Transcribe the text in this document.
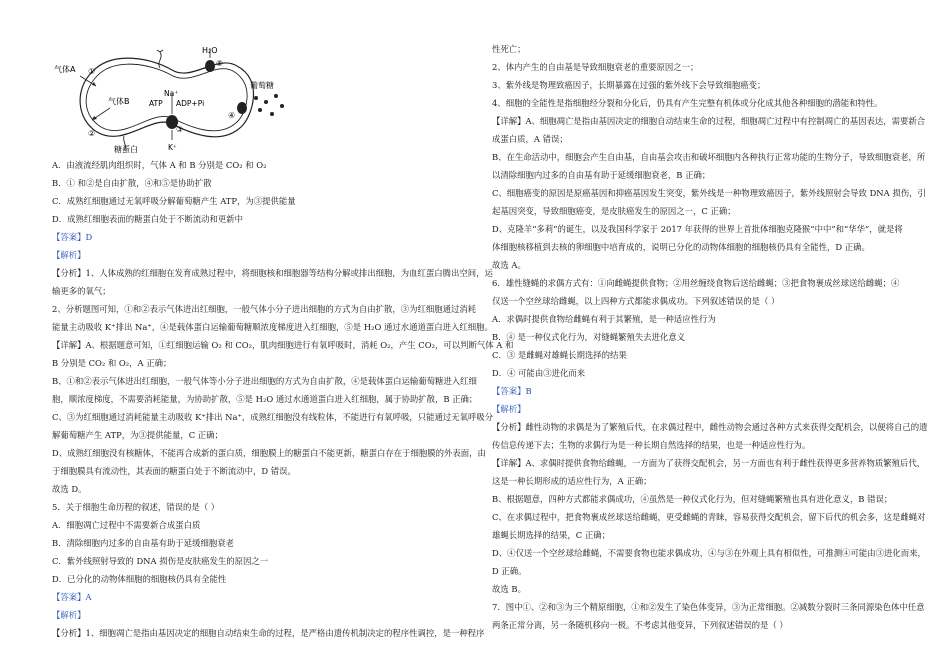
气体A ①
气体B
②
糖蛋白
H₂O
⑤
Na⁺
ATP ADP+Pi
K⁺
③
④
葡萄糖
A．由液流经肌肉组织时，气体 A 和 B 分别是 CO₂ 和 O₂
B．① 和②是自由扩散，④和⑤是协助扩散
C．成熟红细胞通过无氧呼吸分解葡萄糖产生 ATP，为③提供能量
D．成熟红细胞表面的糖蛋白处于不断流动和更新中
【答案】D
【解析】
【分析】1、人体成熟的红细胞在发育成熟过程中，将细胞核和细胞器等结构分解或排出细胞，为血红蛋白腾出空间，运
输更多的氧气；
2、分析题图可知，①和②表示气体进出红细胞，一般气体小分子进出细胞的方式为自由扩散，③为红细胞通过消耗
能量主动吸收 K⁺排出 Na⁺，④是载体蛋白运输葡萄糖顺浓度梯度进入红细胞，⑤是 H₂O 通过水通道蛋白进入红细胞。
【详解】A、根据题意可知，①红细胞运输 O₂ 和 CO₂，肌肉细胞进行有氧呼吸时，消耗 O₂，产生 CO₂，可以判断气体 A 和
B 分别是 CO₂ 和 O₂，A 正确；
B、①和②表示气体进出红细胞，一般气体等小分子进出细胞的方式为自由扩散，④是载体蛋白运输葡萄糖进入红细
胞，顺浓度梯度，不需要消耗能量，为协助扩散，⑤是 H₂O 通过水通道蛋白进入红细胞，属于协助扩散，B 正确；
C、③为红细胞通过消耗能量主动吸收 K⁺排出 Na⁺，成熟红细胞没有线粒体，不能进行有氧呼吸，只能通过无氧呼吸分
解葡萄糖产生 ATP，为③提供能量，C 正确；
D、成熟红细胞没有核糖体，不能再合成新的蛋白质，细胞膜上的糖蛋白不能更新，糖蛋白存在于细胞膜的外表面，由
于细胞膜具有流动性，其表面的糖蛋白处于不断流动中，D 错误。
故选 D。
5．关于细胞生命历程的叙述，错误的是（ ）
A．细胞凋亡过程中不需要新合成蛋白质
B．清除细胞内过多的自由基有助于延缓细胞衰老
C．紫外线照射导致的 DNA 损伤是皮肤癌发生的原因之一
D．已分化的动物体细胞的细胞核仍具有全能性
【答案】A
【解析】
【分析】1、细胞凋亡是指由基因决定的细胞自动结束生命的过程，是严格由遗传机制决定的程序性调控，是一种程序
性死亡；
2、体内产生的自由基是导致细胞衰老的重要原因之一；
3、紫外线是物理致癌因子，长期暴露在过强的紫外线下会导致细胞癌变；
4、细胞的全能性是指细胞经分裂和分化后，仍具有产生完整有机体或分化成其他各种细胞的潜能和特性。
【详解】A、细胞凋亡是指由基因决定的细胞自动结束生命的过程，细胞凋亡过程中有控制凋亡的基因表达，需要新合
成蛋白质，A 错误；
B、在生命活动中，细胞会产生自由基，自由基会攻击和破坏细胞内各种执行正常功能的生物分子，导致细胞衰老，所
以清除细胞内过多的自由基有助于延缓细胞衰老，B 正确；
C、细胞癌变的原因是原癌基因和抑癌基因发生突变，紫外线是一种物理致癌因子，紫外线照射会导致 DNA 损伤，引
起基因突变，导致细胞癌变，是皮肤癌发生的原因之一，C 正确；
D、克隆羊“多莉”的诞生，以及我国科学家于 2017 年获得的世界上首批体细胞克隆猴“中中”和“华华”，就是将
体细胞核移植到去核的卵细胞中培育成的，说明已分化的动物体细胞的细胞核仍具有全能性，D 正确。
故选 A。
6．雄性缝蝇的求偶方式有：①向雌蝇提供食物；②用丝缠绕食物后送给雌蝇；③把食物裹成丝球送给雌蝇；④
仅送一个空丝球给雌蝇，以上四种方式都能求偶成功。下列叙述错误的是（ ）
A．求偶时提供食物给雌蝇有利于其繁殖，是一种适应性行为
B．④ 是一种仪式化行为，对缝蝇繁殖失去进化意义
C．③ 是雌蝇对雄蝇长期选择的结果
D．④ 可能由③进化而来
【答案】B
【解析】
【分析】雌性动物的求偶是为了繁殖后代，在求偶过程中，雌性动物会通过各种方式来获得交配机会，以便将自己的遗
传信息传递下去；生物的求偶行为是一种长期自然选择的结果，也是一种适应性行为。
【详解】A、求偶时提供食物给雌蝇，一方面为了获得交配机会，另一方面也有利于雌性获得更多营养物质繁殖后代，
这是一种长期形成的适应性行为，A 正确；
B、根据题意，四种方式都能求偶成功，④虽然是一种仪式化行为，但对缝蝇繁殖也具有进化意义，B 错误；
C、在求偶过程中，把食物裹成丝球送给雌蝇，更受雌蝇的青睐，容易获得交配机会，留下后代的机会多，这是雌蝇对
雄蝇长期选择的结果，C 正确；
D、④仅送一个空丝球给雌蝇，不需要食物也能求偶成功，④与③在外观上具有相似性，可推测④可能由③进化而来，
D 正确。
故选 B。
7．图中①、②和③为三个精原细胞，①和②发生了染色体变异，③为正常细胞。②减数分裂时三条同源染色体中任意
两条正常分离，另一条随机移向一极。不考虑其他变异，下列叙述错误的是（ ）
